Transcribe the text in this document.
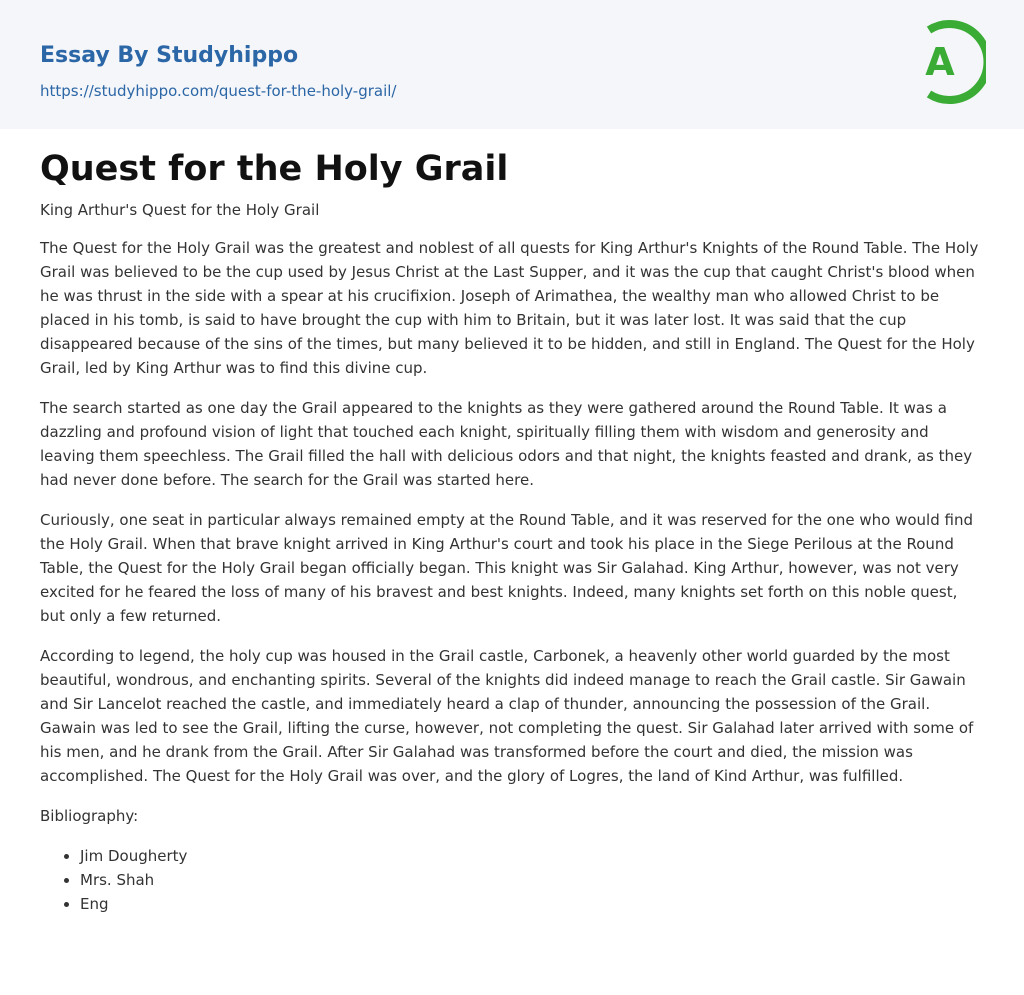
Essay By Studyhippo
https://studyhippo.com/quest-for-the-holy-grail/
A
Quest for the Holy Grail

King Arthur's Quest for the Holy Grail

The Quest for the Holy Grail was the greatest and noblest of all quests for King Arthur's Knights of the Round Table. The Holy Grail was believed to be the cup used by Jesus Christ at the Last Supper, and it was the cup that caught Christ's blood when he was thrust in the side with a spear at his crucifixion. Joseph of Arimathea, the wealthy man who allowed Christ to be placed in his tomb, is said to have brought the cup with him to Britain, but it was later lost. It was said that the cup disappeared because of the sins of the times, but many believed it to be hidden, and still in England. The Quest for the Holy Grail, led by King Arthur was to find this divine cup.

The search started as one day the Grail appeared to the knights as they were gathered around the Round Table. It was a dazzling and profound vision of light that touched each knight, spiritually filling them with wisdom and generosity and leaving them speechless. The Grail filled the hall with delicious odors and that night, the knights feasted and drank, as they had never done before. The search for the Grail was started here.

Curiously, one seat in particular always remained empty at the Round Table, and it was reserved for the one who would find the Holy Grail. When that brave knight arrived in King Arthur's court and took his place in the Siege Perilous at the Round Table, the Quest for the Holy Grail began officially began. This knight was Sir Galahad. King Arthur, however, was not very excited for he feared the loss of many of his bravest and best knights. Indeed, many knights set forth on this noble quest, but only a few returned.

According to legend, the holy cup was housed in the Grail castle, Carbonek, a heavenly other world guarded by the most beautiful, wondrous, and enchanting spirits. Several of the knights did indeed manage to reach the Grail castle. Sir Gawain and Sir Lancelot reached the castle, and immediately heard a clap of thunder, announcing the possession of the Grail. Gawain was led to see the Grail, lifting the curse, however, not completing the quest. Sir Galahad later arrived with some of his men, and he drank from the Grail. After Sir Galahad was transformed before the court and died, the mission was accomplished. The Quest for the Holy Grail was over, and the glory of Logres, the land of Kind Arthur, was fulfilled.

Bibliography:

• Jim Dougherty
• Mrs. Shah
• Eng
